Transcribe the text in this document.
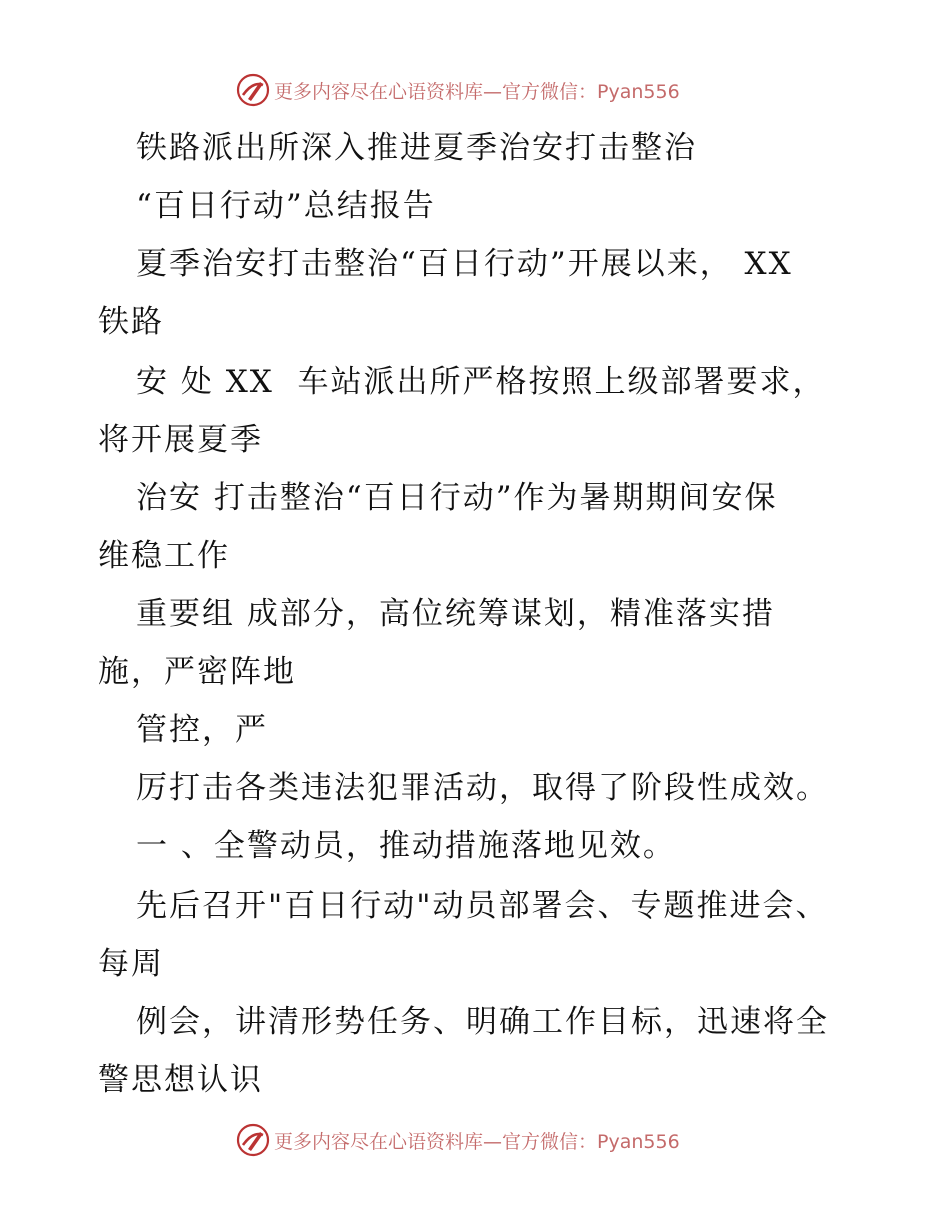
更多内容尽在心语资料库—官方微信：Pyan556
铁路派出所深入推进夏季治安打击整治
“百日行动”总结报告
夏季治安打击整治“百日行动”开展以来， XX
铁路
安 处 XX  车站派出所严格按照上级部署要求，
将开展夏季
治安 打击整治“百日行动”作为暑期期间安保
维稳工作
重要组 成部分，高位统筹谋划，精准落实措
施，严密阵地
管控，严
厉打击各类违法犯罪活动，取得了阶段性成效。
一 、全警动员，推动措施落地见效。
先后召开"百日行动"动员部署会、专题推进会、
每周
例会，讲清形势任务、明确工作目标，迅速将全
警思想认识
更多内容尽在心语资料库—官方微信：Pyan556
